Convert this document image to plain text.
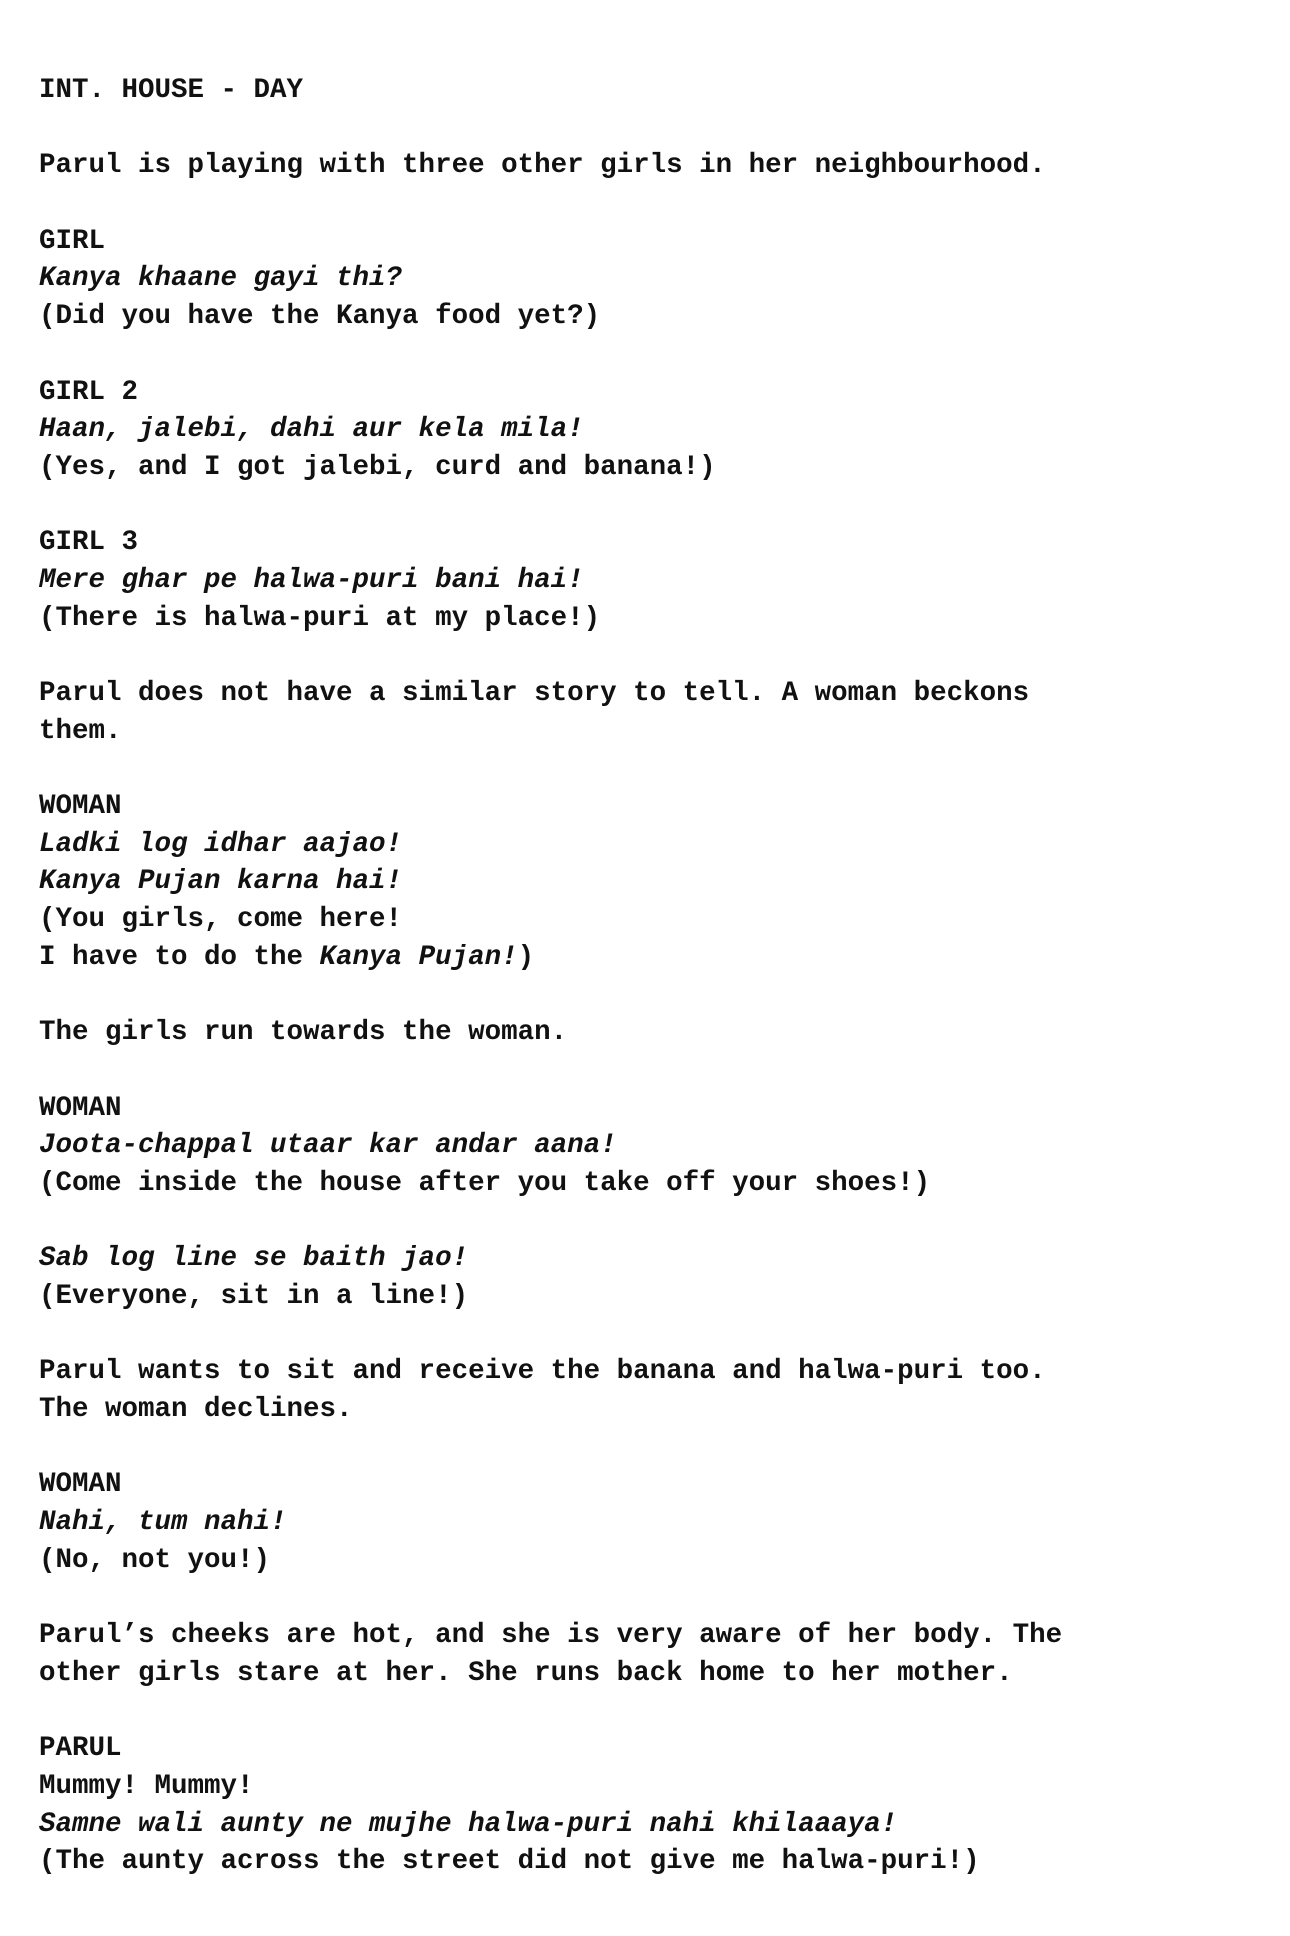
INT. HOUSE - DAY
Parul is playing with three other girls in her neighbourhood.
GIRL
Kanya khaane gayi thi?
(Did you have the Kanya food yet?)
GIRL 2
Haan, jalebi, dahi aur kela mila!
(Yes, and I got jalebi, curd and banana!)
GIRL 3
Mere ghar pe halwa-puri bani hai!
(There is halwa-puri at my place!)
Parul does not have a similar story to tell. A woman beckons
them.
WOMAN
Ladki log idhar aajao!
Kanya Pujan karna hai!
(You girls, come here!
I have to do the Kanya Pujan!)
The girls run towards the woman.
WOMAN
Joota-chappal utaar kar andar aana!
(Come inside the house after you take off your shoes!)
Sab log line se baith jao!
(Everyone, sit in a line!)
Parul wants to sit and receive the banana and halwa-puri too.
The woman declines.
WOMAN
Nahi, tum nahi!
(No, not you!)
Parul’s cheeks are hot, and she is very aware of her body. The
other girls stare at her. She runs back home to her mother.
PARUL
Mummy! Mummy!
Samne wali aunty ne mujhe halwa-puri nahi khilaaaya!
(The aunty across the street did not give me halwa-puri!)
